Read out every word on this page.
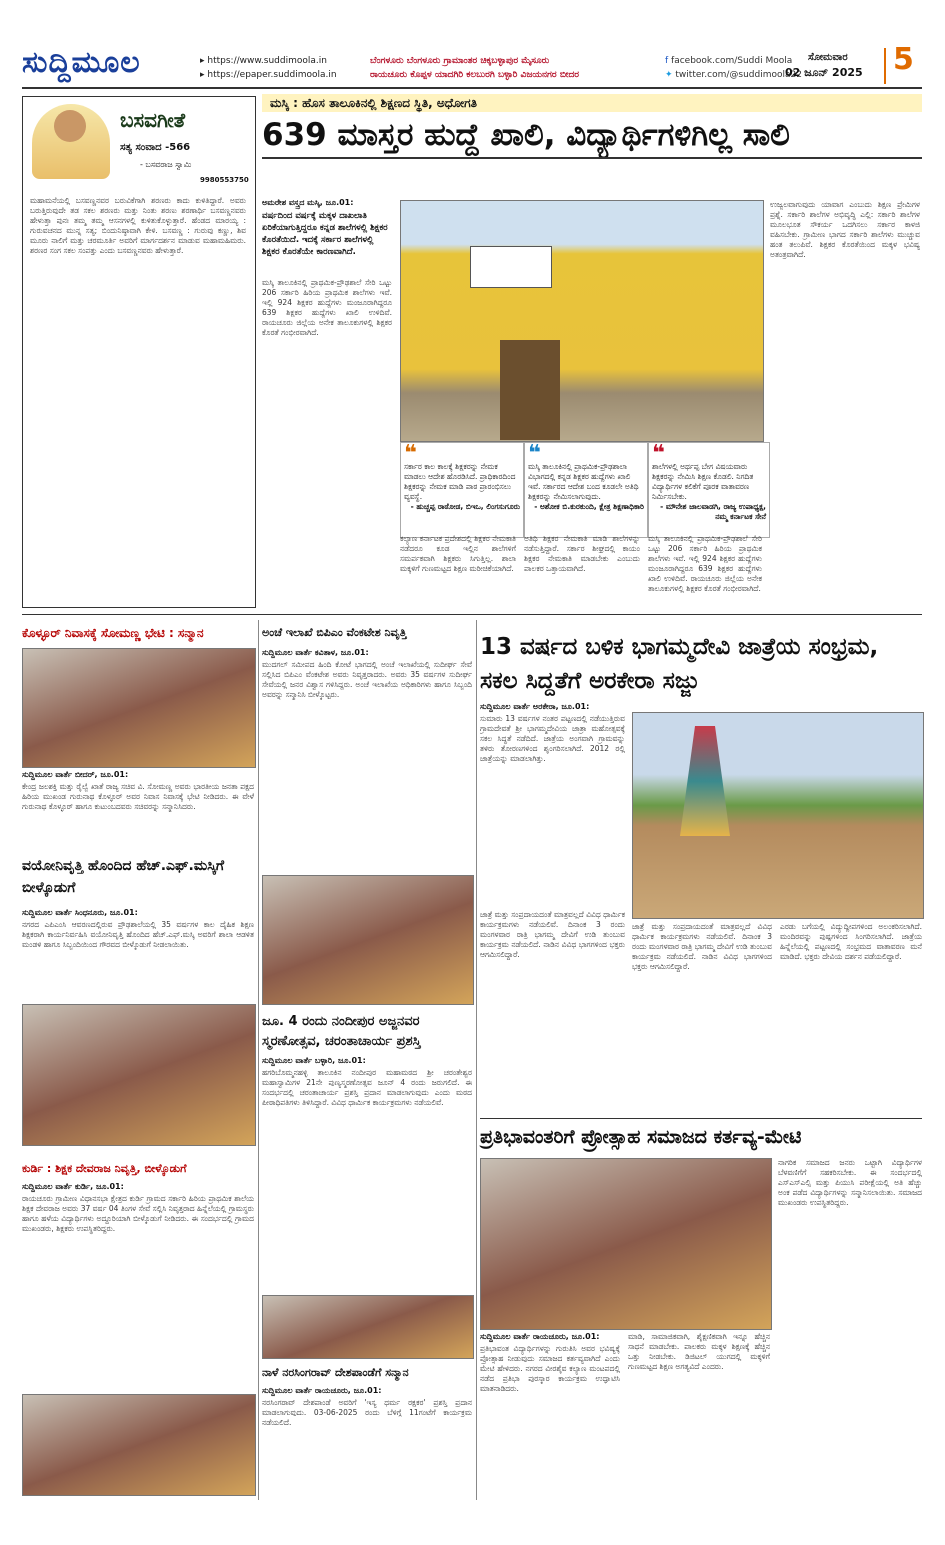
ಸುದ್ದಿಮೂಲ	▸ https://www.suddimoola.in
▸ https://epaper.suddimoola.in
ಬೆಂಗಳೂರು ಬೆಂಗಳೂರು ಗ್ರಾಮಾಂತರ ಚಿಕ್ಕಬಳ್ಳಾಪುರ ಮೈಸೂರು
ರಾಯಚೂರು ಕೊಪ್ಪಳ ಯಾದಗಿರಿ ಕಲಬುರಗಿ ಬಳ್ಳಾರಿ ವಿಜಯನಗರ ಬೀದರ
f facebook.com/Suddi Moola
✦ twitter.com/@suddimoola22
ಸೋಮವಾರ
02 ಜೂನ್ 2025 5
ಬಸವಗೀತೆ
ಸತ್ಯ ಸಂವಾದ -566
- ಬಸವರಾಜ ಸ್ವಾಮಿ
9980553750
ಮಹಾಮನೆಯಲ್ಲಿ ಬಸವಣ್ಣನವರ ಬರುವಿಕೆಗಾಗಿ ಶರಣರು ಕಾದು ಕುಳಿತಿದ್ದಾರೆ. ಅವರು ಬರುತ್ತಿರುವುದೇ ತಡ ಸಕಲ ಶರಣರು ಮತ್ತು ನಿಂತು ಶರಣು ಶರಣಾರ್ಥಿ ಬಸವಣ್ಣನವರು ಹೇಳುತ್ತಾ ಪುನಃ ತಮ್ಮ ತಮ್ಮ ಆಸನಗಳಲ್ಲಿ ಕುಳಿತುಕೊಳ್ಳುತ್ತಾರೆ. ಹೆಂಡದ ಮಾರಯ್ಯ : ಗುರುವಚನದ ಮುನ್ನ ಸತ್ಯ; ಬಿಂದುನಿಷ್ಠಾವಾಗಿ ಕೇಳಿ. ಬಸವಣ್ಣ : ಗುರುವು ಕಣ್ಣು, ಶಿವ ಮೂರು ನಾಲಿಗೆ ಮತ್ತು ಚರಮೂರ್ತಿ ಅವರಿಗೆ ಮಾರ್ಗದರ್ಶನ ಮಾಡುವ ಮಹಾಮಹಿಮರು. ಶರಣರ ಸಂಗ ಸಕಲ ಸಂಪತ್ತು ಎಂದು ಬಸವಣ್ಣನವರು ಹೇಳುತ್ತಾರೆ.
ಮಸ್ಕಿ : ಹೊಸ ತಾಲೂಕಿನಲ್ಲಿ ಶಿಕ್ಷಣದ ಸ್ಥಿತಿ, ಅಧೋಗತಿ
639 ಮಾಸ್ತರ ಹುದ್ದೆ ಖಾಲಿ, ವಿದ್ಯಾರ್ಥಿಗಳಿಗಿಲ್ಲ ಸಾಲಿ
ಅಮರೇಶ ವಸ್ತ್ರದ ಮಸ್ಕಿ, ಜೂ.01:
ವರ್ಷದಿಂದ ವರ್ಷಕ್ಕೆ ಮಕ್ಕಳ ದಾಖಲಾತಿ ಏರಿಕೆಯಾಗುತ್ತಿದ್ದರೂ ಕನ್ನಡ ಶಾಲೆಗಳಲ್ಲಿ ಶಿಕ್ಷಕರ ಕೊರತೆಯಿದೆ. ಇದಕ್ಕೆ ಸರ್ಕಾರ ಶಾಲೆಗಳಲ್ಲಿ ಶಿಕ್ಷಕರ ಕೊರತೆಯೇ ಕಾರಣವಾಗಿದೆ.
ಮಸ್ಕಿ ತಾಲೂಕಿನಲ್ಲಿ ಪ್ರಾಥಮಿಕ-ಪ್ರೌಢಶಾಲೆ ಸೇರಿ ಒಟ್ಟು 206 ಸರ್ಕಾರಿ ಹಿರಿಯ ಪ್ರಾಥಮಿಕ ಶಾಲೆಗಳು ಇವೆ. ಇಲ್ಲಿ 924 ಶಿಕ್ಷಕರ ಹುದ್ದೆಗಳು ಮಂಜೂರಾಗಿದ್ದರೂ 639 ಶಿಕ್ಷಕರ ಹುದ್ದೆಗಳು ಖಾಲಿ ಉಳಿದಿವೆ. ರಾಯಚೂರು ಜಿಲ್ಲೆಯ ಅನೇಕ ತಾಲೂಕುಗಳಲ್ಲಿ ಶಿಕ್ಷಕರ ಕೊರತೆ ಗಂಭೀರವಾಗಿದೆ.
❝
ಸರ್ಕಾರ ಕಾಲ ಕಾಲಕ್ಕೆ ಶಿಕ್ಷಕರನ್ನು ನೇಮಕ ಮಾಡಲು ಆದೇಶ ಹೊರಡಿಸಿದೆ. ಪ್ರಾಧಿಕಾರದಿಂದ ಶಿಕ್ಷಕರನ್ನು ನೇಮಕ ಮಾಡಿ ಪಾಠ ಪ್ರಾರಂಭಿಸಲು ವ್ಯವಸ್ಥೆ.
- ಹುಚ್ಚಪ್ಪ ರಾಠೋಡ, ಬಿಇಒ, ಲಿಂಗಸುಗೂರು
❝
ಮಸ್ಕಿ ತಾಲೂಕಿನಲ್ಲಿ ಪ್ರಾಥಮಿಕ-ಪ್ರೌಢಶಾಲಾ ವಿಭಾಗದಲ್ಲಿ ಕನ್ನಡ ಶಿಕ್ಷಕರ ಹುದ್ದೆಗಳು ಖಾಲಿ ಇವೆ. ಸರ್ಕಾರದ ಆದೇಶ ಬಂದ ಕೂಡಲೇ ಅತಿಥಿ ಶಿಕ್ಷಕರನ್ನು ನೇಮಿಸಲಾಗುವುದು.
- ಅಶೋಕ ಬಿ.ಕುರಕುಂದಿ, ಕ್ಷೇತ್ರ ಶಿಕ್ಷಣಾಧಿಕಾರಿ
❝
ಶಾಲೆಗಳಲ್ಲಿ ಅರ್ಥಪ್ಪ ಬೇಗ ವಿಷಯವಾರು ಶಿಕ್ಷಕರನ್ನು ನೇಮಿಸಿ ಶಿಕ್ಷಣ ಕೊಡಲಿ. ನಿಗದಿತ ವಿದ್ಯಾರ್ಥಿಗಳ ಕಲಿಕೆಗೆ ಪೂರಕ ವಾತಾವರಣ ನಿರ್ಮಿಸಬೇಕು.
- ಮೌನೇಶ ಜಾಲವಾಡಗಿ, ರಾಜ್ಯ ಉಪಾಧ್ಯಕ್ಷ, ನಮ್ಮ ಕರ್ನಾಟಕ ಸೇನೆ
ಕಲ್ಯಾಣ ಕರ್ನಾಟಕ ಪ್ರದೇಶದಲ್ಲಿ ಶಿಕ್ಷಕರ ನೇಮಕಾತಿ ನಡೆದರೂ ಕೂಡ ಇಲ್ಲಿನ ಶಾಲೆಗಳಿಗೆ ಸಮರ್ಪಕವಾಗಿ ಶಿಕ್ಷಕರು ಸಿಗುತ್ತಿಲ್ಲ. ಶಾಲಾ ಮಕ್ಕಳಿಗೆ ಗುಣಮಟ್ಟದ ಶಿಕ್ಷಣ ಮರೀಚಿಕೆಯಾಗಿದೆ.
ಅತಿಥಿ ಶಿಕ್ಷಕರ ನೇಮಕಾತಿ ಮಾಡಿ ಶಾಲೆಗಳನ್ನು ನಡೆಸುತ್ತಿದ್ದಾರೆ. ಸರ್ಕಾರ ಶೀಘ್ರದಲ್ಲಿ ಕಾಯಂ ಶಿಕ್ಷಕರ ನೇಮಕಾತಿ ಮಾಡಬೇಕು ಎಂಬುದು ಪಾಲಕರ ಒತ್ತಾಯವಾಗಿದೆ.
ಮಸ್ಕಿ ತಾಲೂಕಿನಲ್ಲಿ ಪ್ರಾಥಮಿಕ-ಪ್ರೌಢಶಾಲೆ ಸೇರಿ ಒಟ್ಟು 206 ಸರ್ಕಾರಿ ಹಿರಿಯ ಪ್ರಾಥಮಿಕ ಶಾಲೆಗಳು ಇವೆ. ಇಲ್ಲಿ 924 ಶಿಕ್ಷಕರ ಹುದ್ದೆಗಳು ಮಂಜೂರಾಗಿದ್ದರೂ 639 ಶಿಕ್ಷಕರ ಹುದ್ದೆಗಳು ಖಾಲಿ ಉಳಿದಿವೆ. ರಾಯಚೂರು ಜಿಲ್ಲೆಯ ಅನೇಕ ತಾಲೂಕುಗಳಲ್ಲಿ ಶಿಕ್ಷಕರ ಕೊರತೆ ಗಂಭೀರವಾಗಿದೆ.
ಉಜ್ವಲವಾಗುವುದು ಯಾವಾಗ ಎಂಬುದು ಶಿಕ್ಷಣ ಪ್ರೇಮಿಗಳ ಪ್ರಶ್ನೆ. ಸರ್ಕಾರಿ ಶಾಲೆಗಳ ಅಭಿವೃದ್ಧಿ ಎಲ್ಲಿ: ಸರ್ಕಾರಿ ಶಾಲೆಗಳ ಮೂಲಭೂತ ಸೌಕರ್ಯ ಒದಗಿಸಲು ಸರ್ಕಾರ ಕಾಳಜಿ ವಹಿಸಬೇಕು. ಗ್ರಾಮೀಣ ಭಾಗದ ಸರ್ಕಾರಿ ಶಾಲೆಗಳು ಮುಚ್ಚುವ ಹಂತ ತಲುಪಿವೆ. ಶಿಕ್ಷಕರ ಕೊರತೆಯಿಂದ ಮಕ್ಕಳ ಭವಿಷ್ಯ ಅತಂತ್ರವಾಗಿದೆ.
ಕೊಳ್ಳೂರ್ ನಿವಾಸಕ್ಕೆ ಸೋಮಣ್ಣ ಭೇಟಿ : ಸನ್ಮಾನ
ಸುದ್ದಿಮೂಲ ವಾರ್ತೆ ಬೀದರ್, ಜೂ.01:
ಕೇಂದ್ರ ಜಲಶಕ್ತಿ ಮತ್ತು ರೈಲ್ವೆ ಖಾತೆ ರಾಜ್ಯ ಸಚಿವ ವಿ. ಸೋಮಣ್ಣ ಅವರು ಭಾರತೀಯ ಜನತಾ ಪಕ್ಷದ ಹಿರಿಯ ಮುಖಂಡ ಗುರುನಾಥ ಕೊಳ್ಳೂರ್ ಅವರ ನಿವಾಸ ನಿವಾಸಕ್ಕೆ ಭೇಟಿ ನೀಡಿದರು. ಈ ವೇಳೆ ಗುರುನಾಥ ಕೊಳ್ಳೂರ್ ಹಾಗೂ ಕುಟುಂಬದವರು ಸಚಿವರನ್ನು ಸನ್ಮಾನಿಸಿದರು.
ವಯೋನಿವೃತ್ತಿ ಹೊಂದಿದ ಹೆಚ್.ಎಫ್.ಮಸ್ಕಿಗೆ ಬೀಳ್ಕೊಡುಗೆ
ಸುದ್ದಿಮೂಲ ವಾರ್ತೆ ಸಿಂಧನೂರು, ಜೂ.01:
ನಗರದ ಎಪಿಎಂಸಿ ಆವರಣದಲ್ಲಿರುವ ಪ್ರೌಢಶಾಲೆಯಲ್ಲಿ 35 ವರ್ಷಗಳ ಕಾಲ ದೈಹಿಕ ಶಿಕ್ಷಣ ಶಿಕ್ಷಕರಾಗಿ ಕಾರ್ಯನಿರ್ವಹಿಸಿ ವಯೋನಿವೃತ್ತಿ ಹೊಂದಿದ ಹೆಚ್.ಎಫ್.ಮಸ್ಕಿ ಅವರಿಗೆ ಶಾಲಾ ಆಡಳಿತ ಮಂಡಳಿ ಹಾಗೂ ಸಿಬ್ಬಂದಿಯಿಂದ ಗೌರವದ ಬೀಳ್ಕೊಡುಗೆ ನೀಡಲಾಯಿತು.
ಕುರ್ಡಿ : ಶಿಕ್ಷಕ ದೇವರಾಜ ನಿವೃತ್ತಿ, ಬೀಳ್ಕೊಡುಗೆ
ಸುದ್ದಿಮೂಲ ವಾರ್ತೆ ಕುರ್ಡಿ, ಜೂ.01:
ರಾಯಚೂರು ಗ್ರಾಮೀಣ ವಿಧಾನಸಭಾ ಕ್ಷೇತ್ರದ ಕುರ್ಡಿ ಗ್ರಾಮದ ಸರ್ಕಾರಿ ಹಿರಿಯ ಪ್ರಾಥಮಿಕ ಶಾಲೆಯ ಶಿಕ್ಷಕ ದೇವರಾಜ ಅವರು 37 ವರ್ಷ 04 ತಿಂಗಳ ಸೇವೆ ಸಲ್ಲಿಸಿ ನಿವೃತ್ತರಾದ ಹಿನ್ನೆಲೆಯಲ್ಲಿ ಗ್ರಾಮಸ್ಥರು ಹಾಗೂ ಹಳೆಯ ವಿದ್ಯಾರ್ಥಿಗಳು ಅದ್ದೂರಿಯಾಗಿ ಬೀಳ್ಕೊಡುಗೆ ನೀಡಿದರು. ಈ ಸಂದರ್ಭದಲ್ಲಿ ಗ್ರಾಮದ ಮುಖಂಡರು, ಶಿಕ್ಷಕರು ಉಪಸ್ಥಿತರಿದ್ದರು.
ಅಂಚೆ ಇಲಾಖೆ ಬಿಪಿಎಂ ವೆಂಕಟೇಶ ನಿವೃತ್ತಿ
ಸುದ್ದಿಮೂಲ ವಾರ್ತೆ ಕವಿತಾಳ, ಜೂ.01:
ಮುದಗಲ್ ಸಮೀಪದ ಹಿಂದಿ ಕೋಟೆ ಭಾಗದಲ್ಲಿ ಅಂಚೆ ಇಲಾಖೆಯಲ್ಲಿ ಸುದೀರ್ಘ ಸೇವೆ ಸಲ್ಲಿಸಿದ ಬಿಪಿಎಂ ವೆಂಕಟೇಶ ಅವರು ನಿವೃತ್ತರಾದರು. ಅವರು 35 ವರ್ಷಗಳ ಸುದೀರ್ಘ ಸೇವೆಯಲ್ಲಿ ಜನರ ವಿಶ್ವಾಸ ಗಳಿಸಿದ್ದರು. ಅಂಚೆ ಇಲಾಖೆಯ ಅಧಿಕಾರಿಗಳು ಹಾಗೂ ಸಿಬ್ಬಂದಿ ಅವರನ್ನು ಸನ್ಮಾನಿಸಿ ಬೀಳ್ಕೊಟ್ಟರು.
ಜೂ. 4 ರಂದು ನಂದೀಪುರ ಅಜ್ಜನವರ ಸ್ಮರಣೋತ್ಸವ, ಚರಂತಾಚಾರ್ಯ ಪ್ರಶಸ್ತಿ
ಸುದ್ದಿಮೂಲ ವಾರ್ತೆ ಬಳ್ಳಾರಿ, ಜೂ.01:
ಹಗರಿಬೊಮ್ಮನಹಳ್ಳಿ ತಾಲೂಕಿನ ನಂದೀಪುರ ಮಹಾಮಠದ ಶ್ರೀ ಚರಂತೇಶ್ವರ ಮಹಾಸ್ವಾಮಿಗಳ 21ನೇ ಪುಣ್ಯಸ್ಮರಣೋತ್ಸವ ಜೂನ್ 4 ರಂದು ಜರುಗಲಿದೆ. ಈ ಸಂದರ್ಭದಲ್ಲಿ ಚರಂತಾಚಾರ್ಯ ಪ್ರಶಸ್ತಿ ಪ್ರದಾನ ಮಾಡಲಾಗುವುದು ಎಂದು ಮಠದ ಪೀಠಾಧಿಪತಿಗಳು ತಿಳಿಸಿದ್ದಾರೆ. ವಿವಿಧ ಧಾರ್ಮಿಕ ಕಾರ್ಯಕ್ರಮಗಳು ನಡೆಯಲಿವೆ.
ನಾಳೆ ನರಸಿಂಗರಾವ್ ದೇಶಪಾಂಡೆಗೆ ಸನ್ಮಾನ
ಸುದ್ದಿಮೂಲ ವಾರ್ತೆ ರಾಯಚೂರು, ಜೂ.01:
ನರಸಿಂಗರಾವ್ ದೇಶಪಾಂಡೆ ಅವರಿಗೆ 'ಇಸ್ಯ ಧರ್ಮ ರಕ್ಷಕರ' ಪ್ರಶಸ್ತಿ ಪ್ರದಾನ ಮಾಡಲಾಗುವುದು. 03-06-2025 ರಂದು ಬೆಳಿಗ್ಗೆ 11ಗಂಟೆಗೆ ಕಾರ್ಯಕ್ರಮ ನಡೆಯಲಿದೆ.
13 ವರ್ಷದ ಬಳಿಕ ಭಾಗಮ್ಮದೇವಿ ಜಾತ್ರೆಯ ಸಂಭ್ರಮ, ಸಕಲ ಸಿದ್ದತೆಗೆ ಅರಕೇರಾ ಸಜ್ಜು
ಸುದ್ದಿಮೂಲ ವಾರ್ತೆ ಅರಕೇರಾ, ಜೂ.01:
ಸುಮಾರು 13 ವರ್ಷಗಳ ನಂತರ ಪಟ್ಟಣದಲ್ಲಿ ನಡೆಯುತ್ತಿರುವ ಗ್ರಾಮದೇವತೆ ಶ್ರೀ ಭಾಗಮ್ಮದೇವಿಯ ಜಾತ್ರಾ ಮಹೋತ್ಸವಕ್ಕೆ ಸಕಲ ಸಿದ್ಧತೆ ನಡೆದಿದೆ. ಜಾತ್ರೆಯ ಅಂಗವಾಗಿ ಗ್ರಾಮವನ್ನು ತಳಿರು ತೋರಣಗಳಿಂದ ಶೃಂಗರಿಸಲಾಗಿದೆ. 2012 ರಲ್ಲಿ ಜಾತ್ರೆಯನ್ನು ಮಾಡಲಾಗಿತ್ತು.
ಜಾತ್ರೆ ಮತ್ತು ಸಂಪ್ರದಾಯದಂತೆ ಮಾತ್ರವಲ್ಲದೆ ವಿವಿಧ ಧಾರ್ಮಿಕ ಕಾರ್ಯಕ್ರಮಗಳು ನಡೆಯಲಿವೆ. ದಿನಾಂಕ 3 ರಂದು ಮಂಗಳವಾರ ರಾತ್ರಿ ಭಾಗಮ್ಮ ದೇವಿಗೆ ಉಡಿ ತುಂಬುವ ಕಾರ್ಯಕ್ರಮ ನಡೆಯಲಿದೆ. ನಾಡಿನ ವಿವಿಧ ಭಾಗಗಳಿಂದ ಭಕ್ತರು ಆಗಮಿಸಲಿದ್ದಾರೆ.
ಜಾತ್ರೆ ಮತ್ತು ಸಂಪ್ರದಾಯದಂತೆ ಮಾತ್ರವಲ್ಲದೆ ವಿವಿಧ ಧಾರ್ಮಿಕ ಕಾರ್ಯಕ್ರಮಗಳು ನಡೆಯಲಿವೆ. ದಿನಾಂಕ 3 ರಂದು ಮಂಗಳವಾರ ರಾತ್ರಿ ಭಾಗಮ್ಮ ದೇವಿಗೆ ಉಡಿ ತುಂಬುವ ಕಾರ್ಯಕ್ರಮ ನಡೆಯಲಿದೆ. ನಾಡಿನ ವಿವಿಧ ಭಾಗಗಳಿಂದ ಭಕ್ತರು ಆಗಮಿಸಲಿದ್ದಾರೆ.
ಎರಡು ಬಗೆಯಲ್ಲಿ ವಿದ್ಯುದ್ದೀಪಗಳಿಂದ ಅಲಂಕರಿಸಲಾಗಿದೆ. ಮಂದಿರವನ್ನು ಪುಷ್ಪಗಳಿಂದ ಸಿಂಗರಿಸಲಾಗಿದೆ. ಜಾತ್ರೆಯ ಹಿನ್ನೆಲೆಯಲ್ಲಿ ಪಟ್ಟಣದಲ್ಲಿ ಸಂಭ್ರಮದ ವಾತಾವರಣ ಮನೆ ಮಾಡಿದೆ. ಭಕ್ತರು ದೇವಿಯ ದರ್ಶನ ಪಡೆಯಲಿದ್ದಾರೆ.
ಪ್ರತಿಭಾವಂತರಿಗೆ ಪ್ರೋತ್ಸಾಹ ಸಮಾಜದ ಕರ್ತವ್ಯ-ಮೇಟಿ
ನಾಗರಿಕ ಸಮಾಜದ ಜನರು ಒಟ್ಟಾಗಿ ವಿದ್ಯಾರ್ಥಿಗಳ ಬೆಳವಣಿಗೆಗೆ ಸಹಕರಿಸಬೇಕು. ಈ ಸಂದರ್ಭದಲ್ಲಿ ಎಸ್ಎಸ್ಎಲ್ಸಿ ಮತ್ತು ಪಿಯುಸಿ ಪರೀಕ್ಷೆಯಲ್ಲಿ ಅತಿ ಹೆಚ್ಚು ಅಂಕ ಪಡೆದ ವಿದ್ಯಾರ್ಥಿಗಳನ್ನು ಸನ್ಮಾನಿಸಲಾಯಿತು. ಸಮಾಜದ ಮುಖಂಡರು ಉಪಸ್ಥಿತರಿದ್ದರು.
ಸುದ್ದಿಮೂಲ ವಾರ್ತೆ ರಾಯಚೂರು, ಜೂ.01:
ಪ್ರತಿಭಾವಂತ ವಿದ್ಯಾರ್ಥಿಗಳನ್ನು ಗುರುತಿಸಿ ಅವರ ಭವಿಷ್ಯಕ್ಕೆ ಪ್ರೋತ್ಸಾಹ ನೀಡುವುದು ಸಮಾಜದ ಕರ್ತವ್ಯವಾಗಿದೆ ಎಂದು ಮೇಟಿ ಹೇಳಿದರು. ನಗರದ ವೀರಶೈವ ಕಲ್ಯಾಣ ಮಂಟಪದಲ್ಲಿ ನಡೆದ ಪ್ರತಿಭಾ ಪುರಸ್ಕಾರ ಕಾರ್ಯಕ್ರಮ ಉದ್ಘಾಟಿಸಿ ಮಾತನಾಡಿದರು.
ಮಾಡಿ, ಸಾಮಾಜಿಕವಾಗಿ, ಶೈಕ್ಷಣಿಕವಾಗಿ ಇನ್ನೂ ಹೆಚ್ಚಿನ ಸಾಧನೆ ಮಾಡಬೇಕು. ಪಾಲಕರು ಮಕ್ಕಳ ಶಿಕ್ಷಣಕ್ಕೆ ಹೆಚ್ಚಿನ ಒತ್ತು ನೀಡಬೇಕು. ಡಿಜಿಟಲ್ ಯುಗದಲ್ಲಿ ಮಕ್ಕಳಿಗೆ ಗುಣಮಟ್ಟದ ಶಿಕ್ಷಣ ಅಗತ್ಯವಿದೆ ಎಂದರು.
